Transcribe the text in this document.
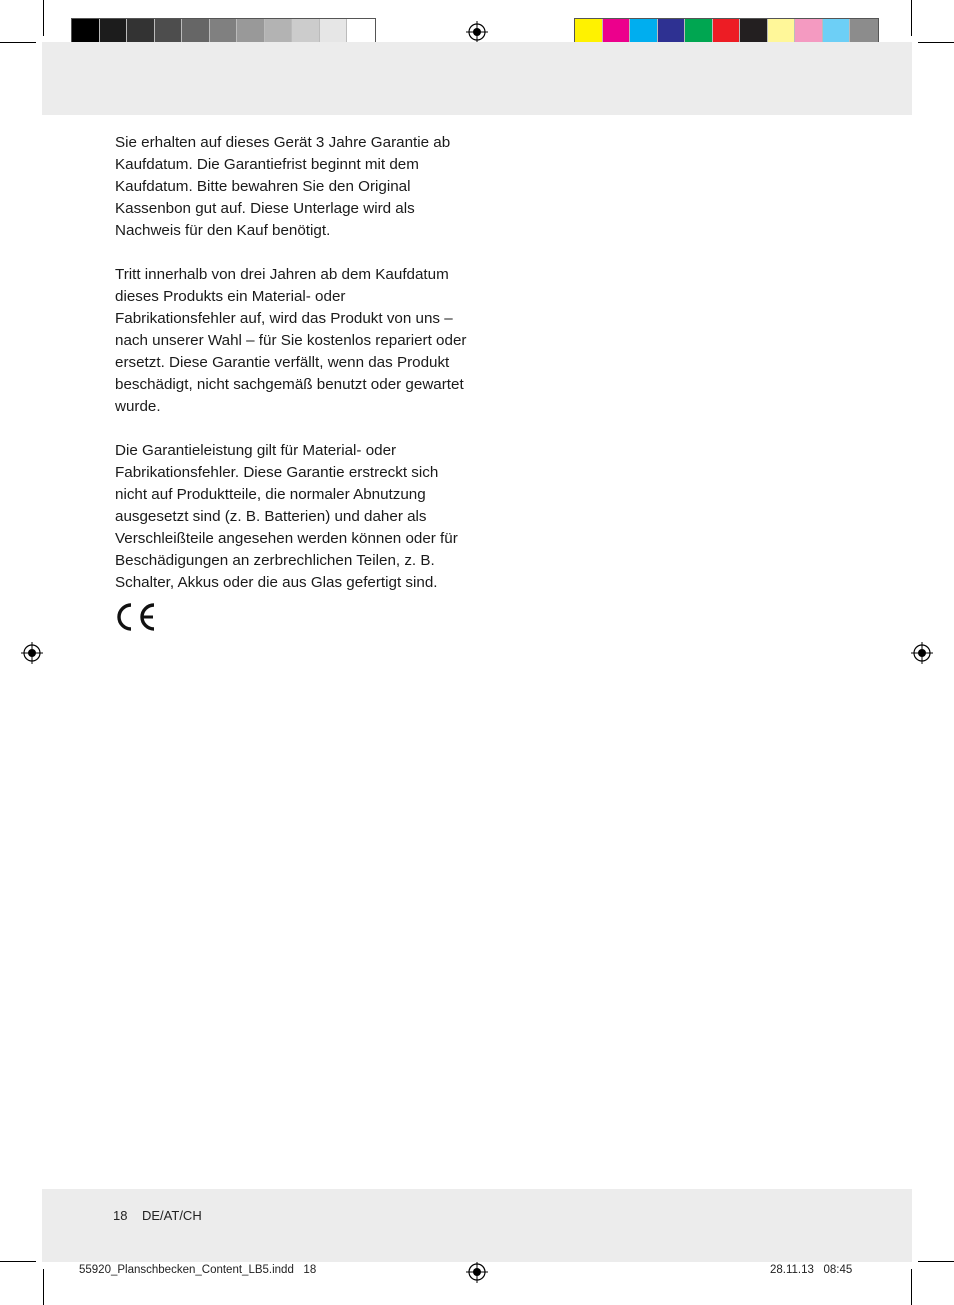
Sie erhalten auf dieses Gerät 3 Jahre Garantie ab Kaufdatum. Die Garantiefrist beginnt mit dem Kaufdatum. Bitte bewahren Sie den Original Kassenbon gut auf. Diese Unterlage wird als Nachweis für den Kauf benötigt.

Tritt innerhalb von drei Jahren ab dem Kaufdatum dieses Produkts ein Material- oder Fabrikationsfehler auf, wird das Produkt von uns – nach unserer Wahl – für Sie kostenlos repariert oder ersetzt. Diese Garantie verfällt, wenn das Produkt beschädigt, nicht sachgemäß benutzt oder gewartet wurde.

Die Garantieleistung gilt für Material- oder Fabrikationsfehler. Diese Garantie erstreckt sich nicht auf Produktteile, die normaler Abnutzung ausgesetzt sind (z. B. Batterien) und daher als Verschleißteile angesehen werden können oder für Beschädigungen an zerbrechlichen Teilen, z. B. Schalter, Akkus oder die aus Glas gefertigt sind.

18 DE/AT/CH
55920_Planschbecken_Content_LB5.indd   18	28.11.13   08:45
